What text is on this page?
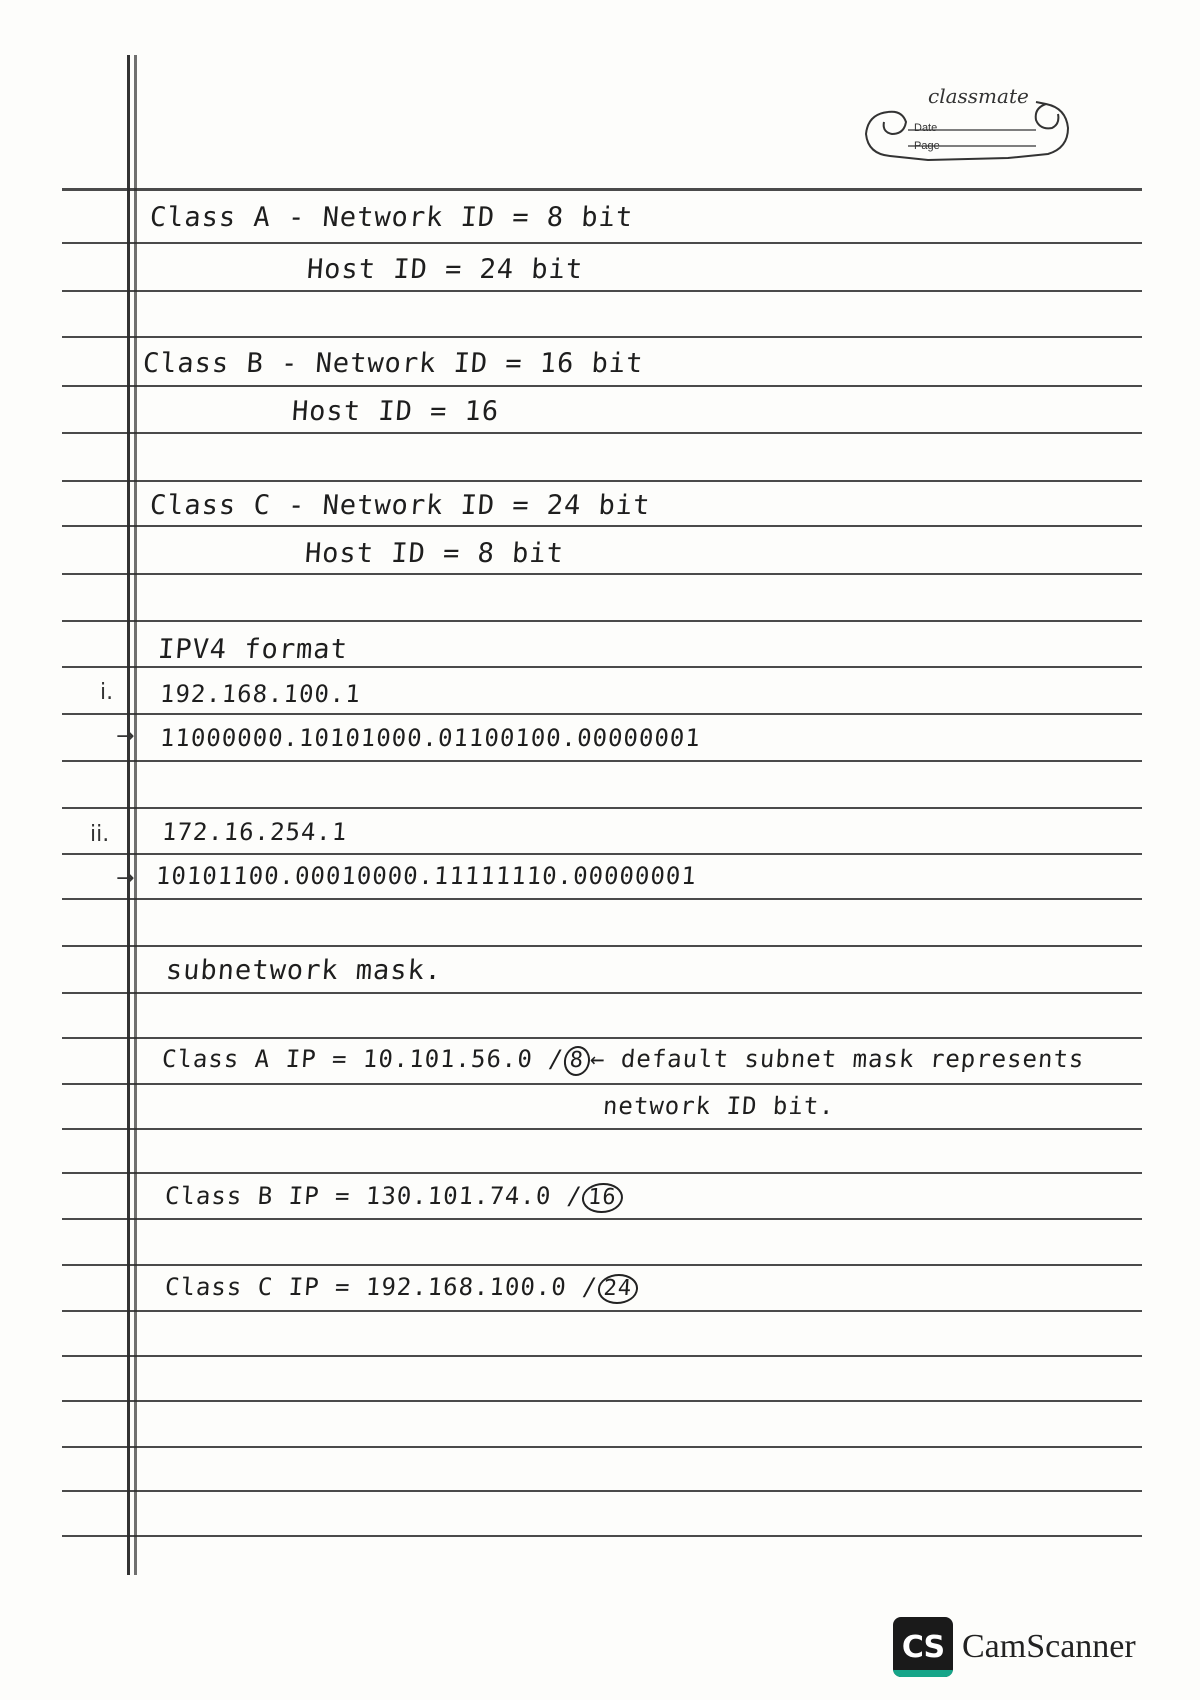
classmate
Date
Page
Class A - Network ID = 8 bit
Host ID = 24 bit
Class B - Network ID = 16 bit
Host ID = 16
Class C - Network ID = 24 bit
Host ID = 8 bit
IPV4 format
i. 192.168.100.1
→ 11000000.10101000.01100100.00000001
ii. 172.16.254.1
→ 10101100.00010000.11111110.00000001
subnetwork mask.
Class A IP = 10.101.56.0 / 8 ← default subnet mask represents
network ID bit.
Class B IP = 130.101.74.0 / 16
Class C IP = 192.168.100.0 / 24
CS CamScanner
